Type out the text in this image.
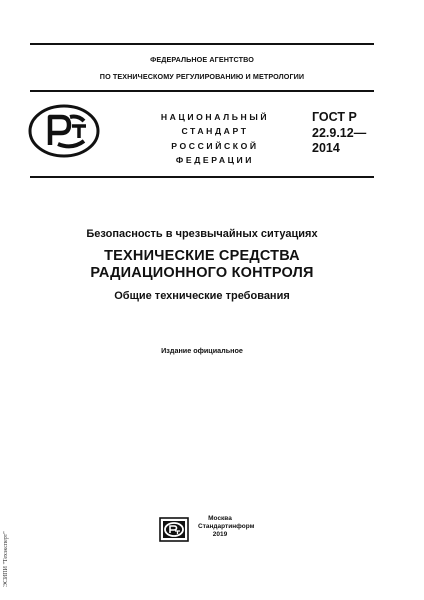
ФЕДЕРАЛЬНОЕ АГЕНТСТВО
ПО ТЕХНИЧЕСКОМУ РЕГУЛИРОВАНИЮ И МЕТРОЛОГИИ
НАЦИОНАЛЬНЫЙ
СТАНДАРТ
РОССИЙСКОЙ
ФЕДЕРАЦИИ
ГОСТ Р
22.9.12—
2014
Безопасность в чрезвычайных ситуациях
ТЕХНИЧЕСКИЕ СРЕДСТВА
РАДИАЦИОННОГО КОНТРОЛЯ
Общие технические требования
Издание официальное
ЭСИПИ "Техэксперт"
Москва
Стандартинформ
2019
